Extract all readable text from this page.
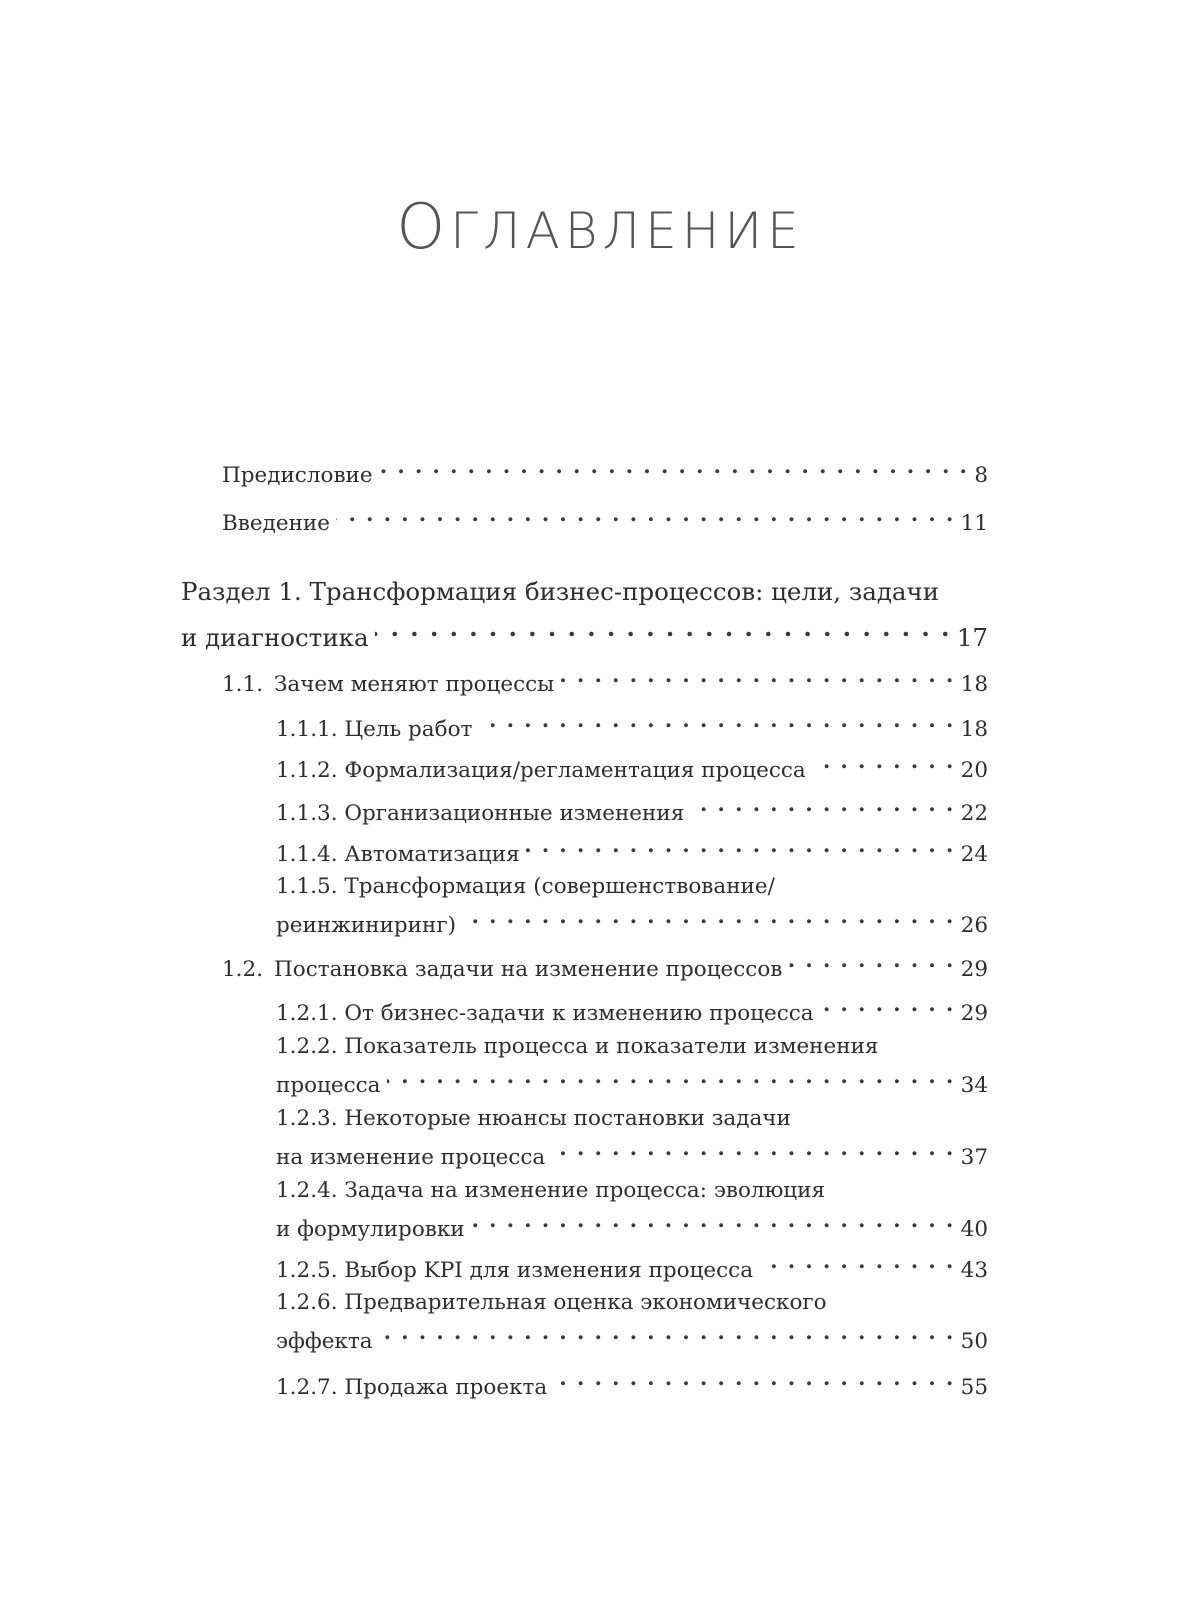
ОГЛАВЛЕНИЕ
Предисловие . . .	8
Введение . . .	11
Раздел 1. Трансформация бизнес-процессов: цели, задачи
и диагностика . . .	17
1.1. Зачем меняют процессы . . .	18
1.1.1. Цель работ . . .	18
1.1.2. Формализация/регламентация процесса . . .	20
1.1.3. Организационные изменения . . .	22
1.1.4. Автоматизация . . .	24
1.1.5. Трансформация (совершенствование/
реинжиниринг) . . .	26
1.2. Постановка задачи на изменение процессов . . .	29
1.2.1. От бизнес-задачи к изменению процесса . . .	29
1.2.2. Показатель процесса и показатели изменения
процесса . . .	34
1.2.3. Некоторые нюансы постановки задачи
на изменение процесса . . .	37
1.2.4. Задача на изменение процесса: эволюция
и формулировки . . .	40
1.2.5. Выбор KPI для изменения процесса . . .	43
1.2.6. Предварительная оценка экономического
эффекта . . .	50
1.2.7. Продажа проекта . . .	55
